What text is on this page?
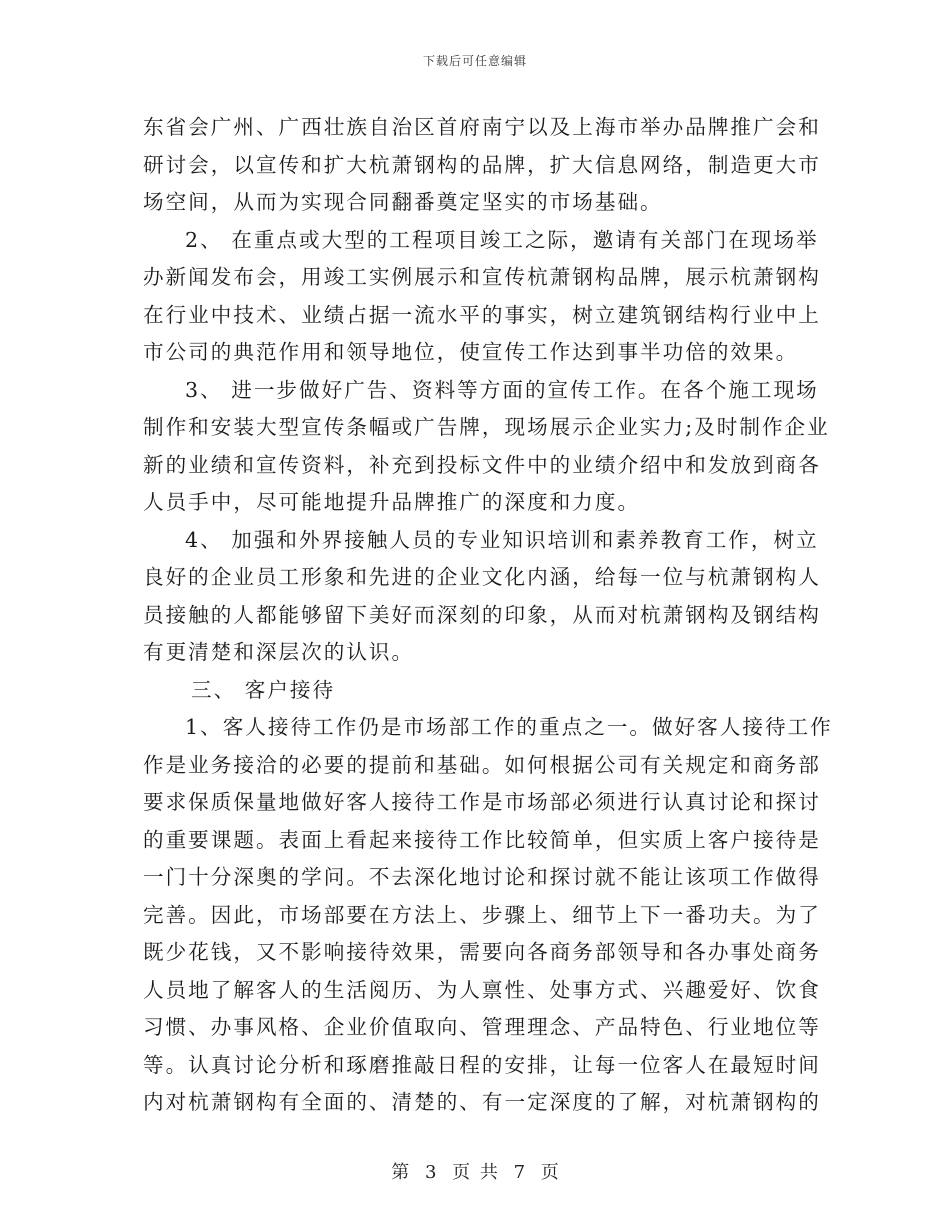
下载后可任意编辑
东省会广州、广西壮族自治区首府南宁以及上海市举办品牌推广会和
研讨会，以宣传和扩大杭萧钢构的品牌，扩大信息网络，制造更大市
场空间，从而为实现合同翻番奠定坚实的市场基础。
2、 在重点或大型的工程项目竣工之际，邀请有关部门在现场举
办新闻发布会，用竣工实例展示和宣传杭萧钢构品牌，展示杭萧钢构
在行业中技术、业绩占据一流水平的事实，树立建筑钢结构行业中上
市公司的典范作用和领导地位，使宣传工作达到事半功倍的效果。
3、 进一步做好广告、资料等方面的宣传工作。在各个施工现场
制作和安装大型宣传条幅或广告牌，现场展示企业实力;及时制作企业
新的业绩和宣传资料，补充到投标文件中的业绩介绍中和发放到商各
人员手中，尽可能地提升品牌推广的深度和力度。
4、 加强和外界接触人员的专业知识培训和素养教育工作，树立
良好的企业员工形象和先进的企业文化内涵，给每一位与杭萧钢构人
员接触的人都能够留下美好而深刻的印象，从而对杭萧钢构及钢结构
有更清楚和深层次的认识。
三、 客户接待
1、客人接待工作仍是市场部工作的重点之一。做好客人接待工作
作是业务接洽的必要的提前和基础。如何根据公司有关规定和商务部
要求保质保量地做好客人接待工作是市场部必须进行认真讨论和探讨
的重要课题。表面上看起来接待工作比较简单，但实质上客户接待是
一门十分深奥的学问。不去深化地讨论和探讨就不能让该项工作做得
完善。因此，市场部要在方法上、步骤上、细节上下一番功夫。为了
既少花钱，又不影响接待效果，需要向各商务部领导和各办事处商务
人员地了解客人的生活阅历、为人禀性、处事方式、兴趣爱好、饮食
习惯、办事风格、企业价值取向、管理理念、产品特色、行业地位等
等。认真讨论分析和琢磨推敲日程的安排，让每一位客人在最短时间
内对杭萧钢构有全面的、清楚的、有一定深度的了解，对杭萧钢构的
第 3 页 共 7 页
